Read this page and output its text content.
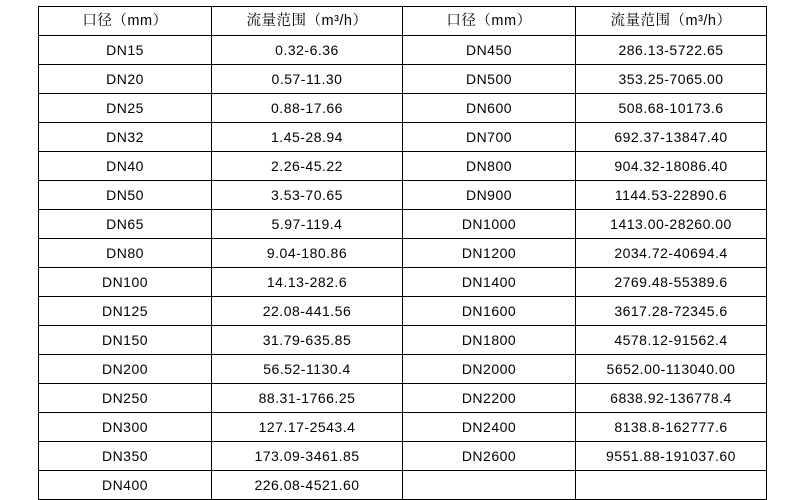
口径（mm）	流量范围（m³/h）	口径（mm）	流量范围（m³/h）
DN15	0.32-6.36	DN450	286.13-5722.65
DN20	0.57-11.30	DN500	353.25-7065.00
DN25	0.88-17.66	DN600	508.68-10173.6
DN32	1.45-28.94	DN700	692.37-13847.40
DN40	2.26-45.22	DN800	904.32-18086.40
DN50	3.53-70.65	DN900	1144.53-22890.6
DN65	5.97-119.4	DN1000	1413.00-28260.00
DN80	9.04-180.86	DN1200	2034.72-40694.4
DN100	14.13-282.6	DN1400	2769.48-55389.6
DN125	22.08-441.56	DN1600	3617.28-72345.6
DN150	31.79-635.85	DN1800	4578.12-91562.4
DN200	56.52-1130.4	DN2000	5652.00-113040.00
DN250	88.31-1766.25	DN2200	6838.92-136778.4
DN300	127.17-2543.4	DN2400	8138.8-162777.6
DN350	173.09-3461.85	DN2600	9551.88-191037.60
DN400	226.08-4521.60		
